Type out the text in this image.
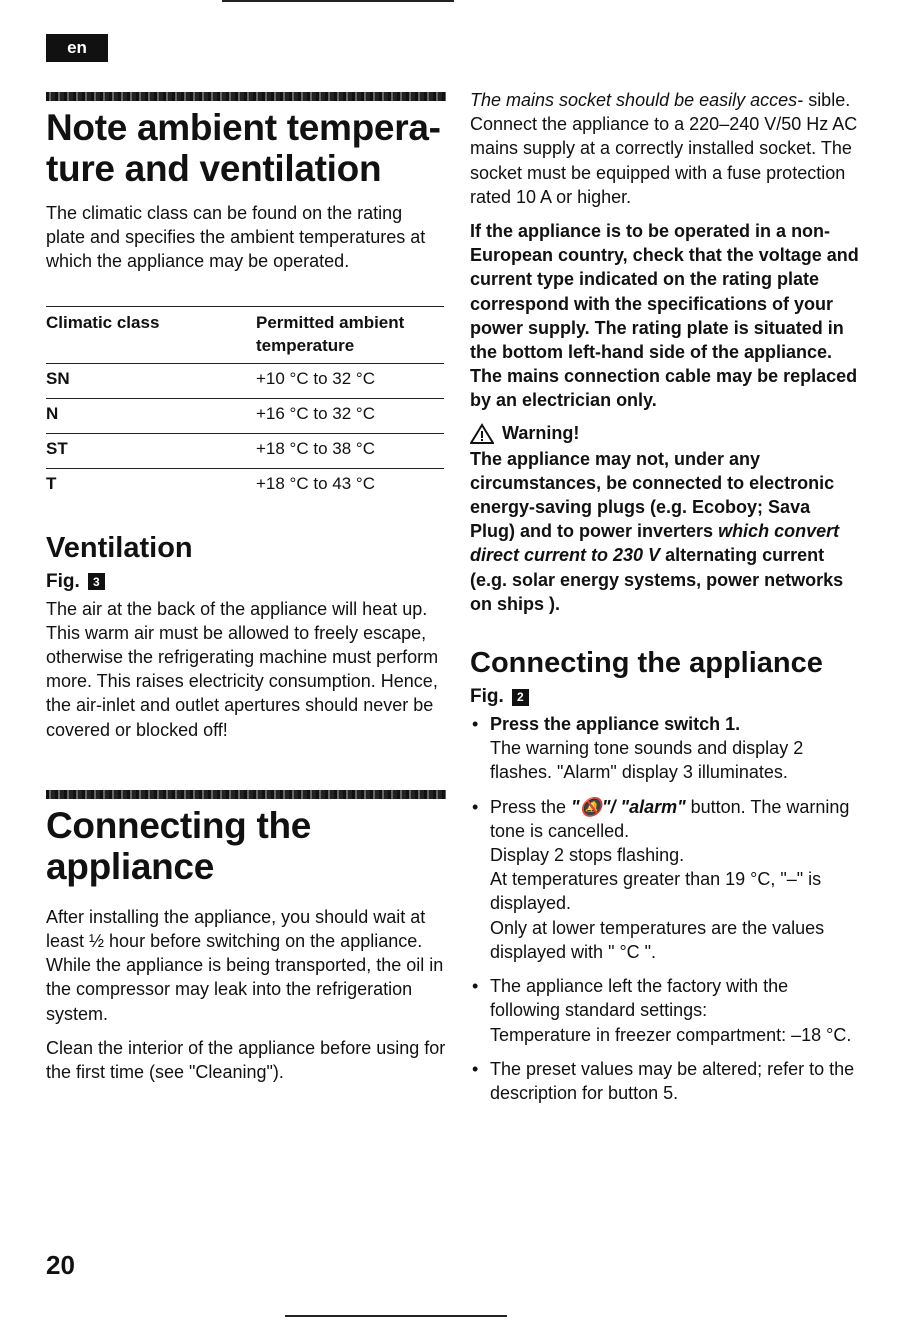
en
Note ambient tempera-
ture and ventilation

The climatic class can be found on the rating plate and specifies the ambient temperatures at which the appliance may be operated.

Climatic class	Permitted ambient temperature
SN	+10 °C to 32 °C
N	+16 °C to 32 °C
ST	+18 °C to 38 °C
T	+18 °C to 43 °C
Ventilation
Fig.	3

The air at the back of the appliance will heat up. This warm air must be allowed to freely escape, otherwise the refrigerating machine must perform more. This raises electricity consumption. Hence, the air-inlet and outlet apertures should never be covered or blocked off!

Connecting the
appliance

After installing the appliance, you should wait at least ½ hour before switching on the appliance. While the appliance is being transported, the oil in the compressor may leak into the refrigeration system.

Clean the interior of the appliance before using for the first time (see "Cleaning").

The mains socket should be easily acces- sible. Connect the appliance to a 220–240 V/50 Hz AC mains supply at a correctly installed socket. The socket must be equipped with a fuse protection rated 10 A or higher.

If the appliance is to be operated in a non-European country, check that the voltage and current type indicated on the rating plate correspond with the specifications of your power supply. The rating plate is situated in the bottom left-hand side of the appliance. The mains connection cable may be replaced by an electrician only.

Warning!

The appliance may not, under any circumstances, be connected to electronic energy-saving plugs (e.g. Ecoboy; Sava Plug) and to power inverters which convert direct current to 230 V alternating current (e.g. solar energy systems, power networks on ships ).

Connecting the appliance
Fig.	2

• Press the appliance switch 1.

The warning tone sounds and display 2 flashes. "Alarm" display 3 illuminates.

• Press the "🔕"/ "alarm" button. The warning tone is cancelled.

Display 2 stops flashing.

At temperatures greater than 19 °C, "–" is displayed.

Only at lower temperatures are the values displayed with " °C ".

• The appliance left the factory with the following standard settings:

Temperature in freezer compartment: –18 °C.

• The preset values may be altered; refer to the description for button 5.

20
